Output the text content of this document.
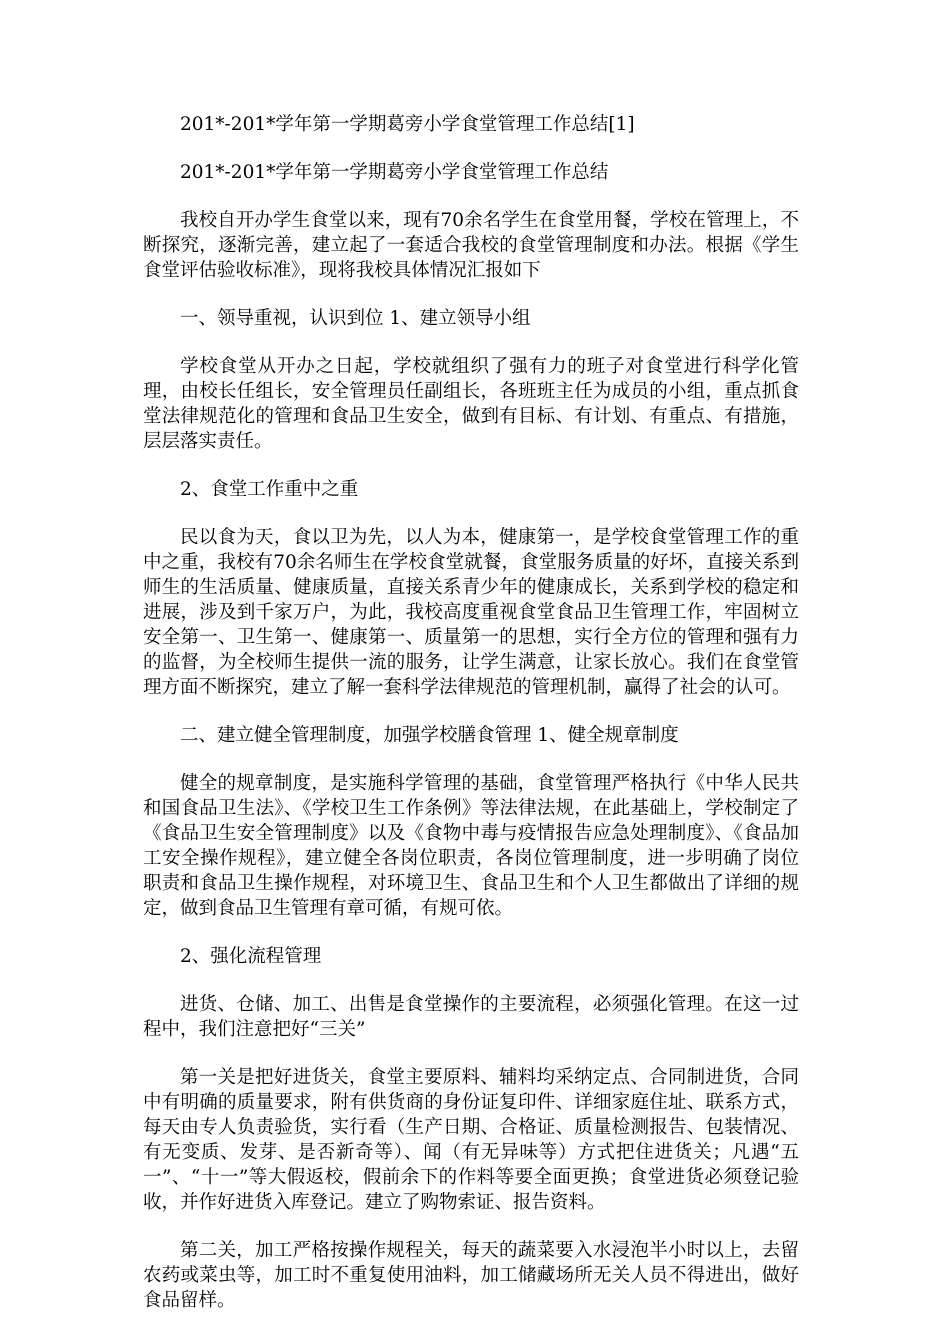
201*-201*学年第一学期葛旁小学食堂管理工作总结[1]

201*-201*学年第一学期葛旁小学食堂管理工作总结

我校自开办学生食堂以来，现有70余名学生在食堂用餐，学校在管理上，不断探究，逐渐完善，建立起了一套适合我校的食堂管理制度和办法。根据《学生食堂评估验收标准》，现将我校具体情况汇报如下

一、领导重视，认识到位 1、建立领导小组

学校食堂从开办之日起，学校就组织了强有力的班子对食堂进行科学化管理，由校长任组长，安全管理员任副组长，各班班主任为成员的小组，重点抓食堂法律规范化的管理和食品卫生安全，做到有目标、有计划、有重点、有措施，层层落实责任。

2、食堂工作重中之重

民以食为天，食以卫为先，以人为本，健康第一，是学校食堂管理工作的重中之重，我校有70余名师生在学校食堂就餐，食堂服务质量的好坏，直接关系到师生的生活质量、健康质量，直接关系青少年的健康成长，关系到学校的稳定和进展，涉及到千家万户，为此，我校高度重视食堂食品卫生管理工作，牢固树立安全第一、卫生第一、健康第一、质量第一的思想，实行全方位的管理和强有力的监督，为全校师生提供一流的服务，让学生满意，让家长放心。我们在食堂管理方面不断探究，建立了解一套科学法律规范的管理机制，赢得了社会的认可。

二、建立健全管理制度，加强学校膳食管理 1、健全规章制度

健全的规章制度，是实施科学管理的基础，食堂管理严格执行《中华人民共和国食品卫生法》、《学校卫生工作条例》等法律法规，在此基础上，学校制定了《食品卫生安全管理制度》以及《食物中毒与疫情报告应急处理制度》、《食品加工安全操作规程》，建立健全各岗位职责，各岗位管理制度，进一步明确了岗位职责和食品卫生操作规程，对环境卫生、食品卫生和个人卫生都做出了详细的规定，做到食品卫生管理有章可循，有规可依。

2、强化流程管理

进货、仓储、加工、出售是食堂操作的主要流程，必须强化管理。在这一过程中，我们注意把好“三关”

第一关是把好进货关，食堂主要原料、辅料均采纳定点、合同制进货，合同中有明确的质量要求，附有供货商的身份证复印件、详细家庭住址、联系方式，每天由专人负责验货，实行看（生产日期、合格证、质量检测报告、包装情况、有无变质、发芽、是否新奇等）、闻（有无异味等）方式把住进货关；凡遇“五一”、“十一”等大假返校，假前余下的作料等要全面更换；食堂进货必须登记验收，并作好进货入库登记。建立了购物索证、报告资料。

第二关，加工严格按操作规程关，每天的蔬菜要入水浸泡半小时以上，去留农药或菜虫等，加工时不重复使用油料，加工储藏场所无关人员不得进出，做好食品留样。
